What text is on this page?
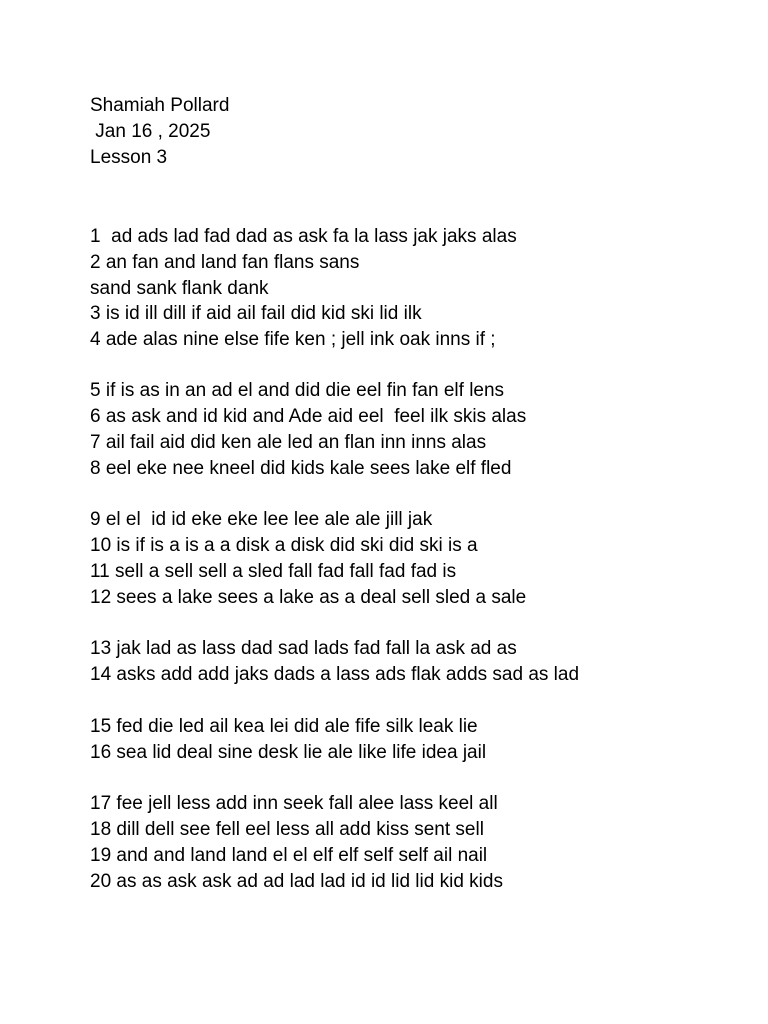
Shamiah Pollard
Jan 16 , 2025
Lesson 3
1  ad ads lad fad dad as ask fa la lass jak jaks alas
2 an fan and land fan flans sans
sand sank flank dank
3 is id ill dill if aid ail fail did kid ski lid ilk
4 ade alas nine else fife ken ; jell ink oak inns if ;
5 if is as in an ad el and did die eel fin fan elf lens
6 as ask and id kid and Ade aid eel  feel ilk skis alas
7 ail fail aid did ken ale led an flan inn inns alas
8 eel eke nee kneel did kids kale sees lake elf fled
9 el el  id id eke eke lee lee ale ale jill jak
10 is if is a is a a disk a disk did ski did ski is a
11 sell a sell sell a sled fall fad fall fad fad is
12 sees a lake sees a lake as a deal sell sled a sale
13 jak lad as lass dad sad lads fad fall la ask ad as
14 asks add add jaks dads a lass ads flak adds sad as lad
15 fed die led ail kea lei did ale fife silk leak lie
16 sea lid deal sine desk lie ale like life idea jail
17 fee jell less add inn seek fall alee lass keel all
18 dill dell see fell eel less all add kiss sent sell
19 and and land land el el elf elf self self ail nail
20 as as ask ask ad ad lad lad id id lid lid kid kids
